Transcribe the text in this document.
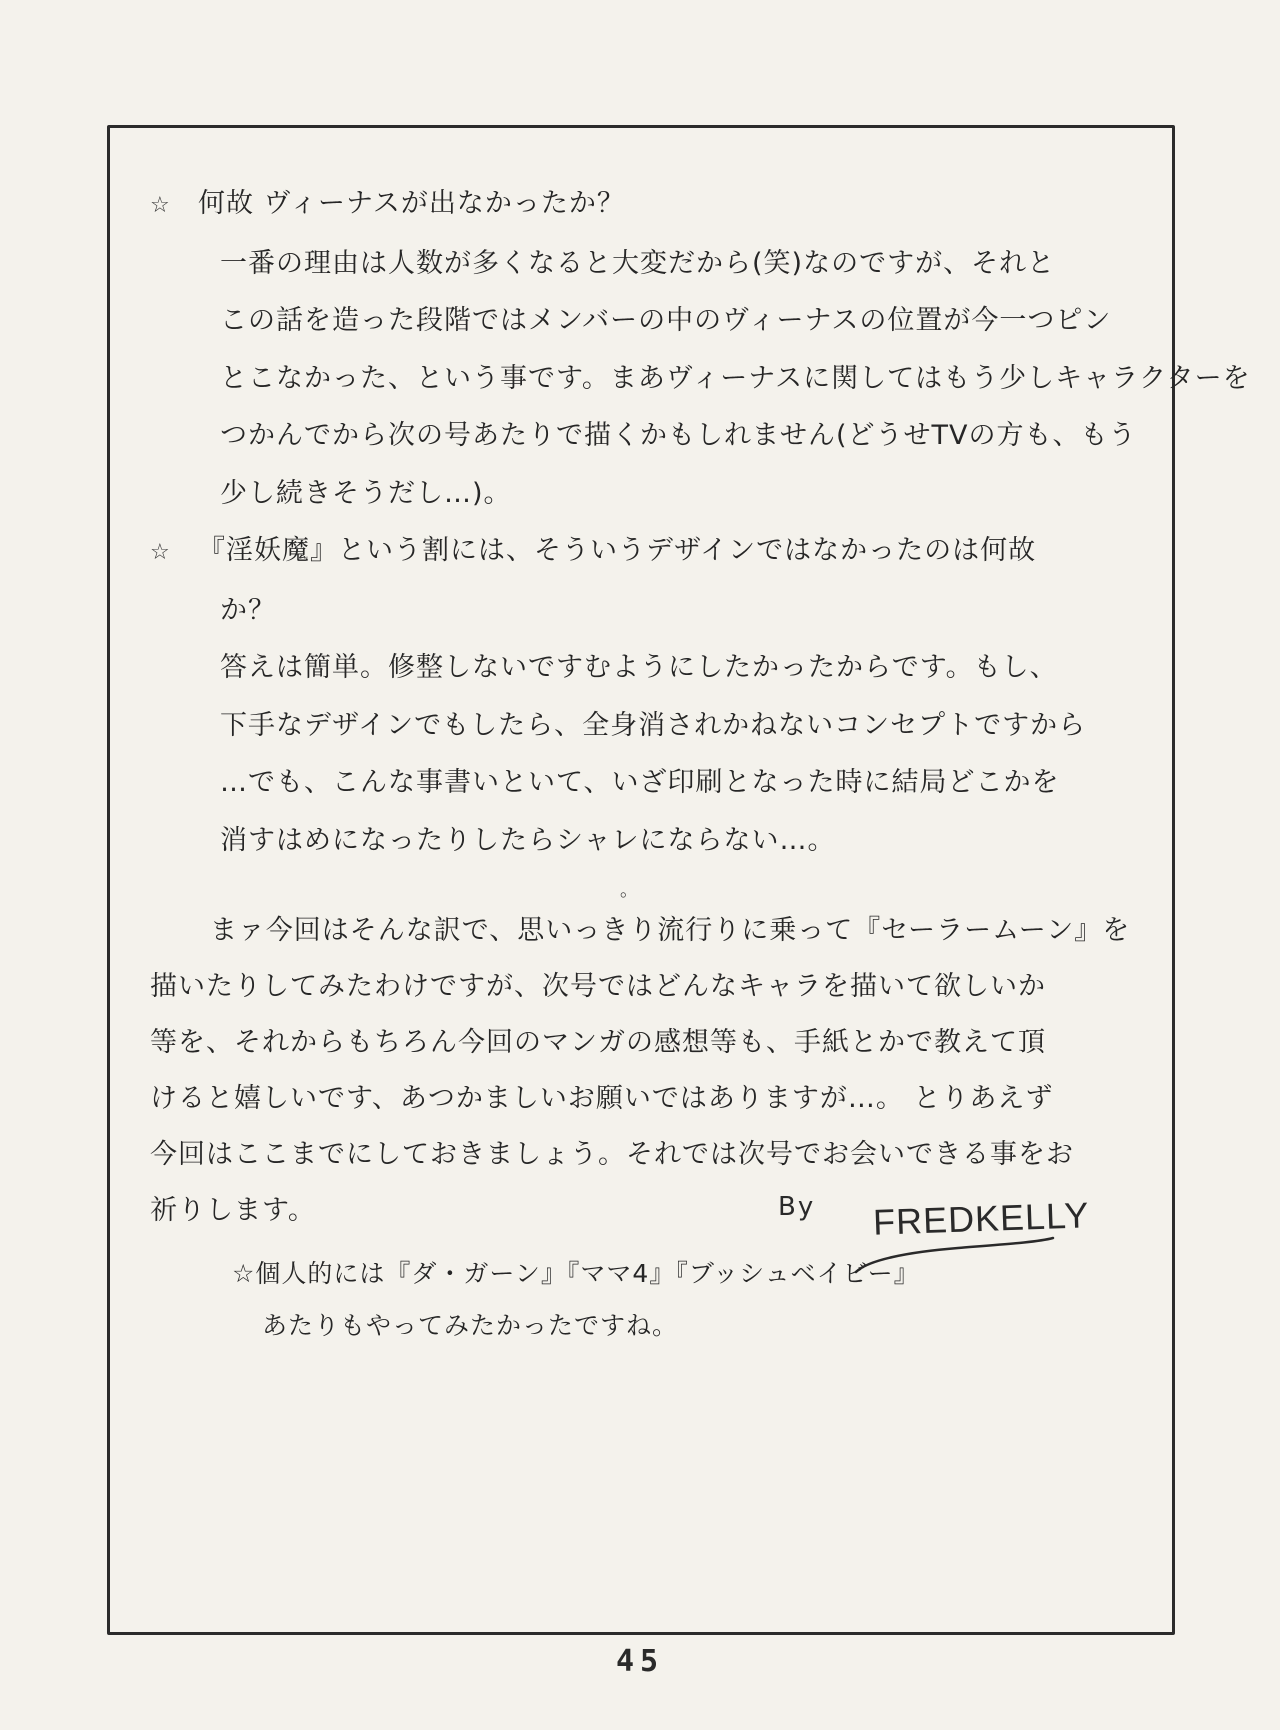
☆ 何故 ヴィーナスが出なかったか？
一番の理由は人数が多くなると大変だから(笑)なのですが、それと
この話を造った段階ではメンバーの中のヴィーナスの位置が今一つピン
とこなかった、という事です。まあヴィーナスに関してはもう少しキャラクターを
つかんでから次の号あたりで描くかもしれません(どうせTVの方も、もう
少し続きそうだし…)。
☆ 『淫妖魔』という割には、そういうデザインではなかったのは何故
か？
答えは簡単。修整しないですむようにしたかったからです。もし、
下手なデザインでもしたら、全身消されかねないコンセプトですから
…でも、こんな事書いといて、いざ印刷となった時に結局どこかを
消すはめになったりしたらシャレにならない…。
。
まァ今回はそんな訳で、思いっきり流行りに乗って『セーラームーン』を
描いたりしてみたわけですが、次号ではどんなキャラを描いて欲しいか
等を、それからもちろん今回のマンガの感想等も、手紙とかで教えて頂
けると嬉しいです、あつかましいお願いではありますが…。 とりあえず
今回はここまでにしておきましょう。それでは次号でお会いできる事をお
祈りします。	By FREDKELLY
☆個人的には『ダ・ガーン』『ママ4』『ブッシュベイビー』
あたりもやってみたかったですね。
45
